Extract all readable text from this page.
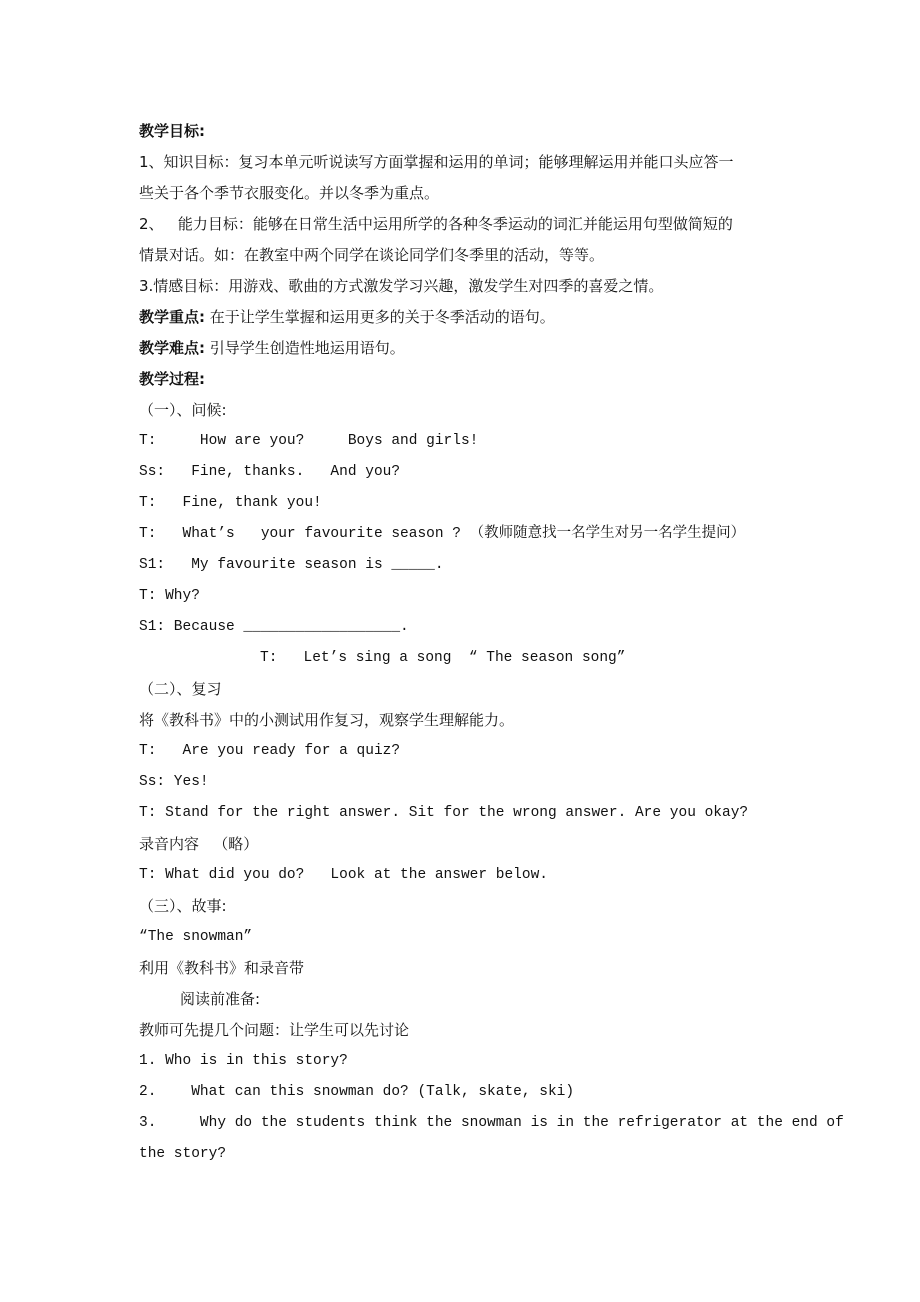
教学目标:
1、知识目标：复习本单元听说读写方面掌握和运用的单词；能够理解运用并能口头应答一
些关于各个季节衣服变化。并以冬季为重点。
2、   能力目标：能够在日常生活中运用所学的各种冬季运动的词汇并能运用句型做简短的
情景对话。如：在教室中两个同学在谈论同学们冬季里的活动，等等。
3.情感目标：用游戏、歌曲的方式激发学习兴趣，激发学生对四季的喜爱之情。
教学重点: 在于让学生掌握和运用更多的关于冬季活动的语句。
教学难点: 引导学生创造性地运用语句。
教学过程:
（一）、问候:
T:     How are you?     Boys and girls!
Ss:   Fine, thanks.   And you?
T:   Fine, thank you!
T:   What’s   your favourite season ? （教师随意找一名学生对另一名学生提问）
S1:   My favourite season is _____.
T: Why?
S1: Because __________________.
T:   Let’s sing a song  “ The season song”
（二）、复习
将《教科书》中的小测试用作复习，观察学生理解能力。
T:   Are you ready for a quiz?
Ss: Yes!
T: Stand for the right answer. Sit for the wrong answer. Are you okay?
录音内容   （略）
T: What did you do?   Look at the answer below.
（三）、故事:
“The snowman”
利用《教科书》和录音带
阅读前准备:
教师可先提几个问题：让学生可以先讨论
1. Who is in this story?
2.    What can this snowman do? (Talk, skate, ski)
3.     Why do the students think the snowman is in the refrigerator at the end of
the story?
